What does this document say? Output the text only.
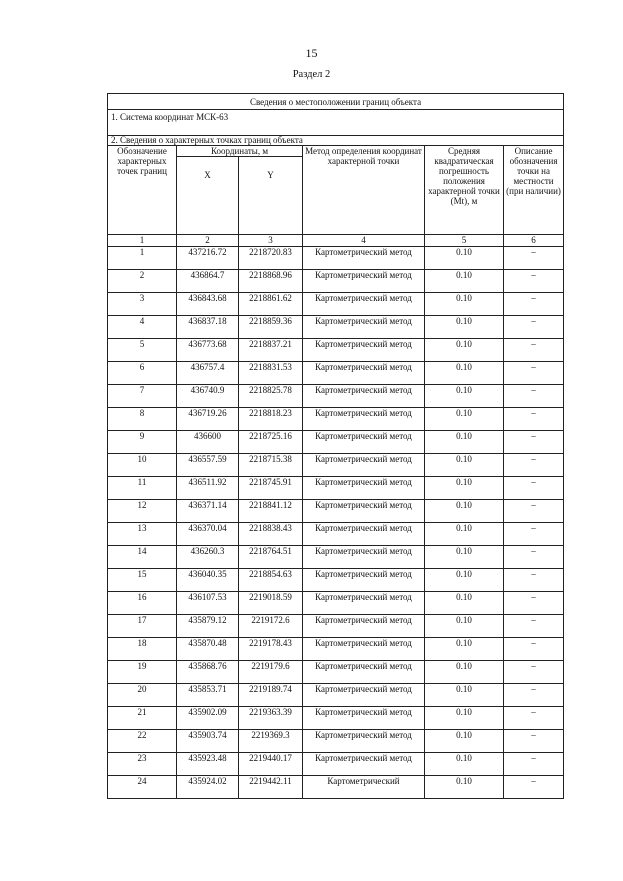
15
Раздел 2
Сведения о местоположении границ объекта					
1. Система координат МСК-63					
2. Сведения о характерных точках границ объекта					
Обозначение характерных точек границ	Координаты, м		Метод определения координат характерной точки	Средняя квадратическая погрешность положения характерной точки (Mt), м	Описание обозначения точки на местности (при наличии)
	X	Y			
1	2	3	4	5	6
1	437216.72	2218720.83	Картометрический метод	0.10	–
2	436864.7	2218868.96	Картометрический метод	0.10	–
3	436843.68	2218861.62	Картометрический метод	0.10	–
4	436837.18	2218859.36	Картометрический метод	0.10	–
5	436773.68	2218837.21	Картометрический метод	0.10	–
6	436757.4	2218831.53	Картометрический метод	0.10	–
7	436740.9	2218825.78	Картометрический метод	0.10	–
8	436719.26	2218818.23	Картометрический метод	0.10	–
9	436600	2218725.16	Картометрический метод	0.10	–
10	436557.59	2218715.38	Картометрический метод	0.10	–
11	436511.92	2218745.91	Картометрический метод	0.10	–
12	436371.14	2218841.12	Картометрический метод	0.10	–
13	436370.04	2218838.43	Картометрический метод	0.10	–
14	436260.3	2218764.51	Картометрический метод	0.10	–
15	436040.35	2218854.63	Картометрический метод	0.10	–
16	436107.53	2219018.59	Картометрический метод	0.10	–
17	435879.12	2219172.6	Картометрический метод	0.10	–
18	435870.48	2219178.43	Картометрический метод	0.10	–
19	435868.76	2219179.6	Картометрический метод	0.10	–
20	435853.71	2219189.74	Картометрический метод	0.10	–
21	435902.09	2219363.39	Картометрический метод	0.10	–
22	435903.74	2219369.3	Картометрический метод	0.10	–
23	435923.48	2219440.17	Картометрический метод	0.10	–
24	435924.02	2219442.11	Картометрический	0.10	–
